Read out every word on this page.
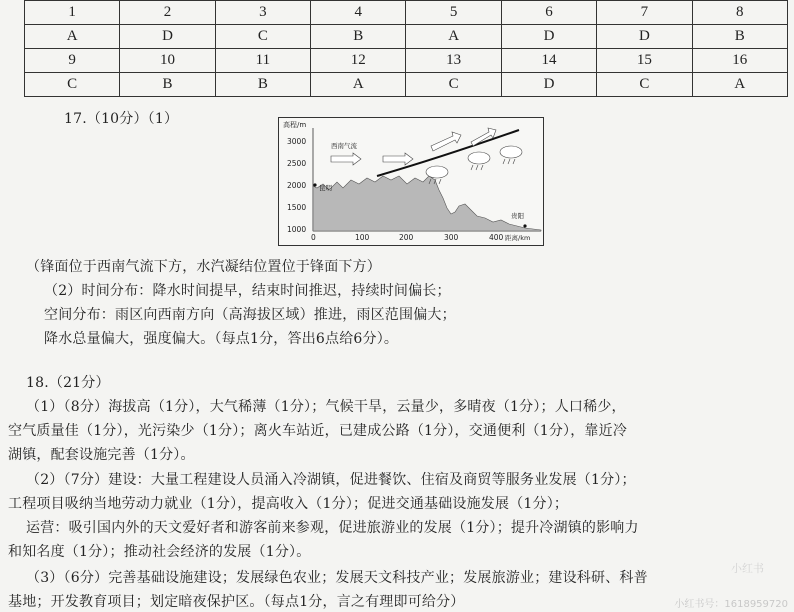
1	2	3	4	5	6	7	8
A	D	C	B	A	D	D	B
9	10	11	12	13	14	15	16
C	B	B	A	C	D	C	A
17.（10分）（1）	高程/m
3000
2500
2000
1500
1000
0	100	200	300	400 距离/km
西南气流
昆明
贵阳
（锋面位于西南气流下方，水汽凝结位置位于锋面下方）
（2）时间分布：降水时间提早，结束时间推迟，持续时间偏长；
空间分布：雨区向西南方向（高海拔区域）推进，雨区范围偏大；
降水总量偏大，强度偏大。（每点1分，答出6点给6分）。
18.（21分）
（1）（8分）海拔高（1分），大气稀薄（1分）；气候干旱，云量少，多晴夜（1分）；人口稀少，
空气质量佳（1分），光污染少（1分）；离火车站近，已建成公路（1分），交通便利（1分），靠近冷
湖镇，配套设施完善（1分）。
（2）（7分）建设：大量工程建设人员涌入冷湖镇，促进餐饮、住宿及商贸等服务业发展（1分）；
工程项目吸纳当地劳动力就业（1分），提高收入（1分）；促进交通基础设施发展（1分）；
运营：吸引国内外的天文爱好者和游客前来参观，促进旅游业的发展（1分）；提升冷湖镇的影响力
和知名度（1分）；推动社会经济的发展（1分）。
（3）（6分）完善基础设施建设；发展绿色农业；发展天文科技产业；发展旅游业；建设科研、科普
基地；开发教育项目；划定暗夜保护区。（每点1分，言之有理即可给分）
小红书
小红书号：1618959720
